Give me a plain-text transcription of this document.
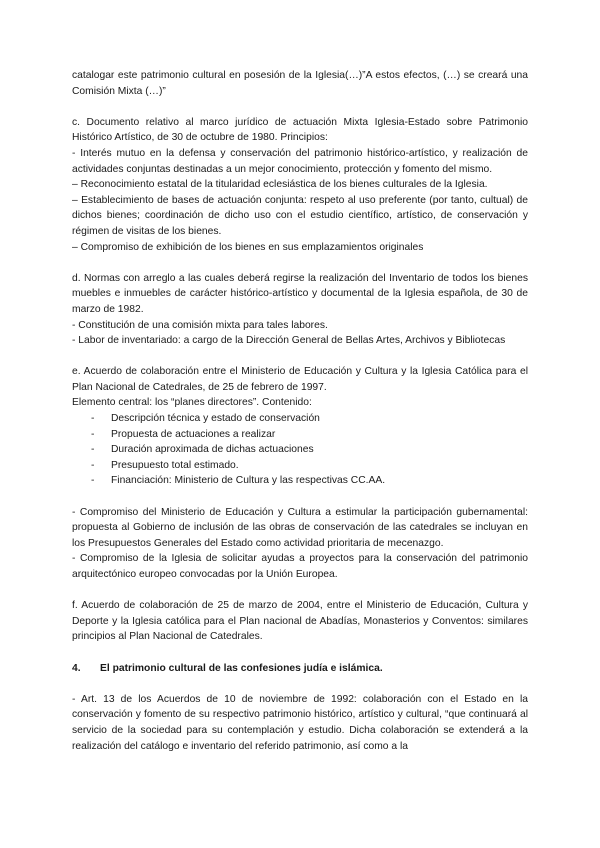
catalogar este patrimonio cultural en posesión de la Iglesia(…)”A estos efectos, (…) se creará una Comisión Mixta (…)”

c. Documento relativo al marco jurídico de actuación Mixta Iglesia-Estado sobre Patrimonio Histórico Artístico, de 30 de octubre de 1980. Principios:

- Interés mutuo en la defensa y conservación del patrimonio histórico-artístico, y realización de actividades conjuntas destinadas a un mejor conocimiento, protección y fomento del mismo.

– Reconocimiento estatal de la titularidad eclesiástica de los bienes culturales de la Iglesia.

– Establecimiento de bases de actuación conjunta: respeto al uso preferente (por tanto, cultual) de dichos bienes; coordinación de dicho uso con el estudio científico, artístico, de conservación y régimen de visitas de los bienes.

– Compromiso de exhibición de los bienes en sus emplazamientos originales

d. Normas con arreglo a las cuales deberá regirse la realización del Inventario de todos los bienes muebles e inmuebles de carácter histórico-artístico y documental de la Iglesia española, de 30 de marzo de 1982.

- Constitución de una comisión mixta para tales labores.

- Labor de inventariado: a cargo de la Dirección General de Bellas Artes, Archivos y Bibliotecas

e. Acuerdo de colaboración entre el Ministerio de Educación y Cultura y la Iglesia Católica para el Plan Nacional de Catedrales, de 25 de febrero de 1997.

Elemento central: los “planes directores”. Contenido:

- Descripción técnica y estado de conservación
- Propuesta de actuaciones a realizar
- Duración aproximada de dichas actuaciones
- Presupuesto total estimado.
- Financiación: Ministerio de Cultura y las respectivas CC.AA.

- Compromiso del Ministerio de Educación y Cultura a estimular la participación gubernamental: propuesta al Gobierno de inclusión de las obras de conservación de las catedrales se incluyan en los Presupuestos Generales del Estado como actividad prioritaria de mecenazgo.

- Compromiso de la Iglesia de solicitar ayudas a proyectos para la conservación del patrimonio arquitectónico europeo convocadas por la Unión Europea.

f. Acuerdo de colaboración de 25 de marzo de 2004, entre el Ministerio de Educación, Cultura y Deporte y la Iglesia católica para el Plan nacional de Abadías, Monasterios y Conventos: similares principios al Plan Nacional de Catedrales.

4.	El patrimonio cultural de las confesiones judía e islámica.

- Art. 13 de los Acuerdos de 10 de noviembre de 1992: colaboración con el Estado en la conservación y fomento de su respectivo patrimonio histórico, artístico y cultural, “que continuará al servicio de la sociedad para su contemplación y estudio. Dicha colaboración se extenderá a la realización del catálogo e inventario del referido patrimonio, así como a la
